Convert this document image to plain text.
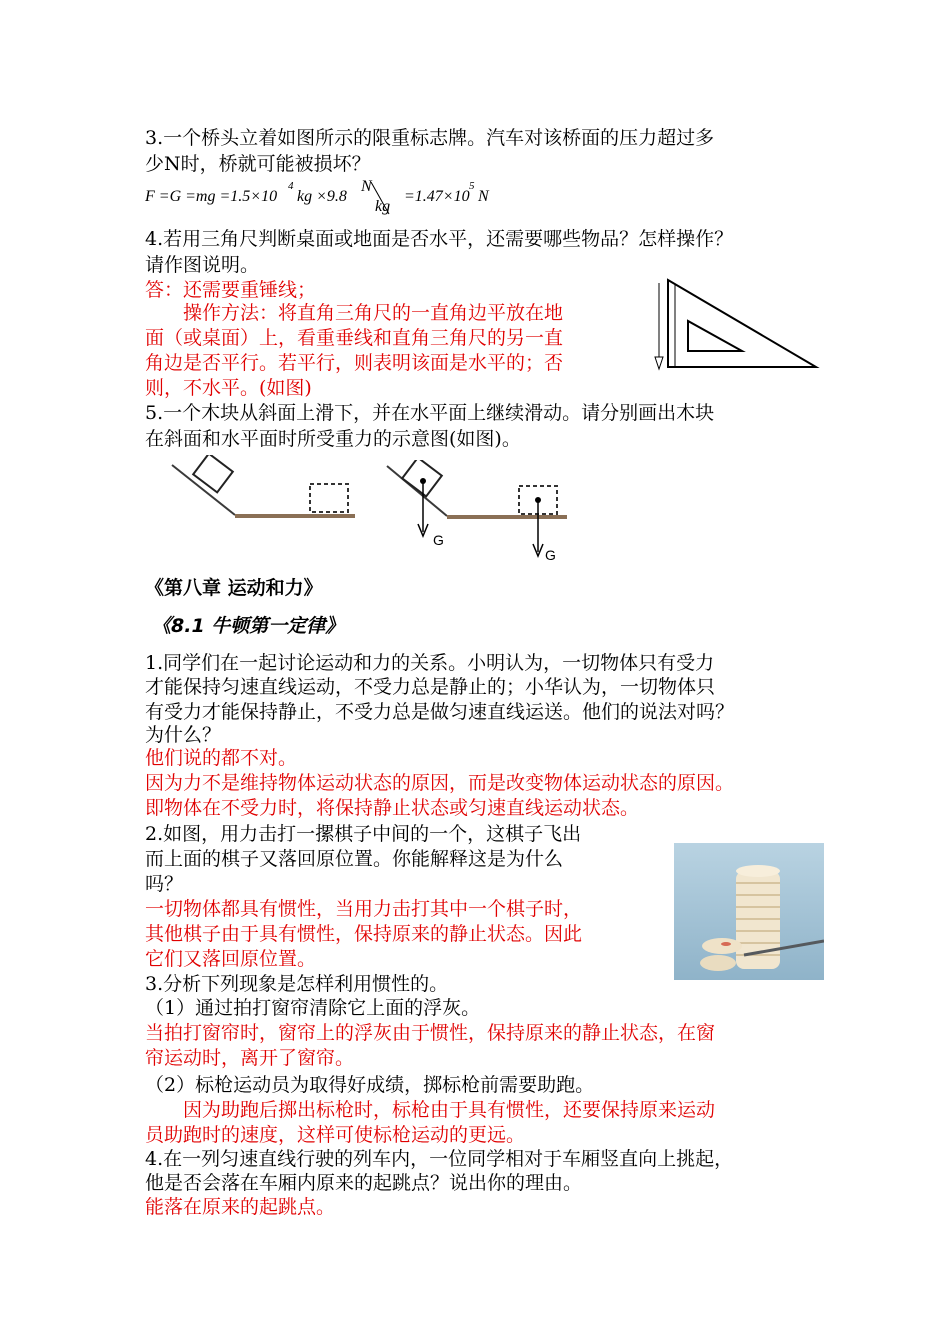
3.一个桥头立着如图所示的限重标志牌。汽车对该桥面的压力超过多
少N时，桥就可能被损坏？
F =G =mg =1.5×10
4
kg ×9.8
N
kg
=1.47×10
5
N
4.若用三角尺判断桌面或地面是否水平，还需要哪些物品？怎样操作？
请作图说明。
答：还需要重锤线；
　　操作方法：将直角三角尺的一直角边平放在地
面（或桌面）上，看重垂线和直角三角尺的另一直
角边是否平行。若平行，则表明该面是水平的；否
则，不水平。(如图)
5.一个木块从斜面上滑下，并在水平面上继续滑动。请分别画出木块
在斜面和水平面时所受重力的示意图(如图)。
G
G
《第八章 运动和力》
《8.1 牛顿第一定律》
1.同学们在一起讨论运动和力的关系。小明认为，一切物体只有受力
才能保持匀速直线运动，不受力总是静止的；小华认为，一切物体只
有受力才能保持静止，不受力总是做匀速直线运送。他们的说法对吗？
为什么？
他们说的都不对。
因为力不是维持物体运动状态的原因，而是改变物体运动状态的原因。
即物体在不受力时，将保持静止状态或匀速直线运动状态。
2.如图，用力击打一摞棋子中间的一个，这棋子飞出
而上面的棋子又落回原位置。你能解释这是为什么
吗？
一切物体都具有惯性，当用力击打其中一个棋子时，
其他棋子由于具有惯性，保持原来的静止状态。因此
它们又落回原位置。
3.分析下列现象是怎样利用惯性的。
（1）通过拍打窗帘清除它上面的浮灰。
当拍打窗帘时，窗帘上的浮灰由于惯性，保持原来的静止状态，在窗
帘运动时，离开了窗帘。
（2）标枪运动员为取得好成绩，掷标枪前需要助跑。
　　因为助跑后掷出标枪时，标枪由于具有惯性，还要保持原来运动
员助跑时的速度，这样可使标枪运动的更远。
4.在一列匀速直线行驶的列车内，一位同学相对于车厢竖直向上挑起，
他是否会落在车厢内原来的起跳点？说出你的理由。
能落在原来的起跳点。
